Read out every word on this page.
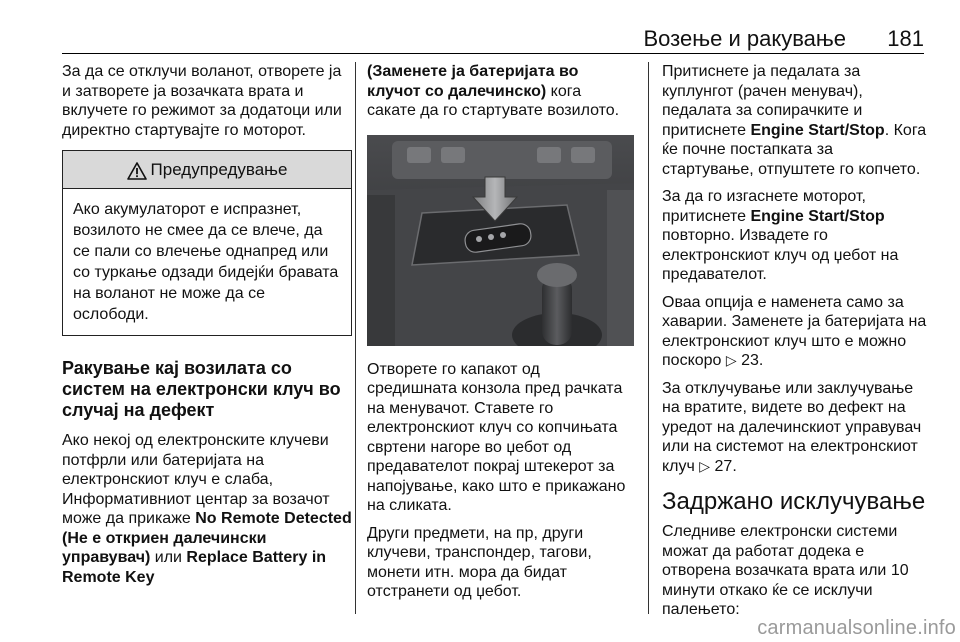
Возење и ракување 181

За да се отклучи воланот, отворете ја и затворете ја возачката врата и вклучете го режимот за додатоци или директно стартувајте го моторот.

Предупредување
Ако акумулаторот е испразнет, возилото не смее да се влече, да се пали со влечење однапред или со туркање одзади бидејќи бравата на воланот не може да се ослободи.
Ракување кај возилата со систем на електронски клуч во случај на дефект

Ако некој од електронските клучеви потфрли или батеријата на електронскиот клуч е слаба, Информативниот центар за возачот може да прикаже No Remote Detected (Не е откриен далечински управувач) или Replace Battery in Remote Key

(Заменете ја батеријата во клучот со далечинско) кога сакате да го стартувате возилото.

Отворете го капакот од средишната конзола пред рачката на менувачот. Ставете го електронскиот клуч со копчињата свртени нагоре во џебот од предавателот покрај штекерот за напојување, како што е прикажано на сликата.

Други предмети, на пр, други клучеви, транспондер, тагови, монети итн. мора да бидат отстранети од џебот.

Притиснете ја педалата за куплунгот (рачен менувач), педалата за сопирачките и притиснете Engine Start/Stop. Кога ќе почне постапката за стартување, отпуштете го копчето.

За да го изгаснете моторот, притиснете Engine Start/Stop повторно. Извадете го електронскиот клуч од џебот на предавателот.

Оваа опција е наменета само за хаварии. Заменете ја батеријата на електронскиот клуч што е можно поскоро ▷ 23.

За отклучување или заклучување на вратите, видете во дефект на уредот на далечинскиот управувач или на системот на електронскиот клуч ▷ 27.

Задржано исклучување

Следниве електронски системи можат да работат додека е отворена возачката врата или 10 минути откако ќе се исклучи палењето:

carmanualsonline.info
